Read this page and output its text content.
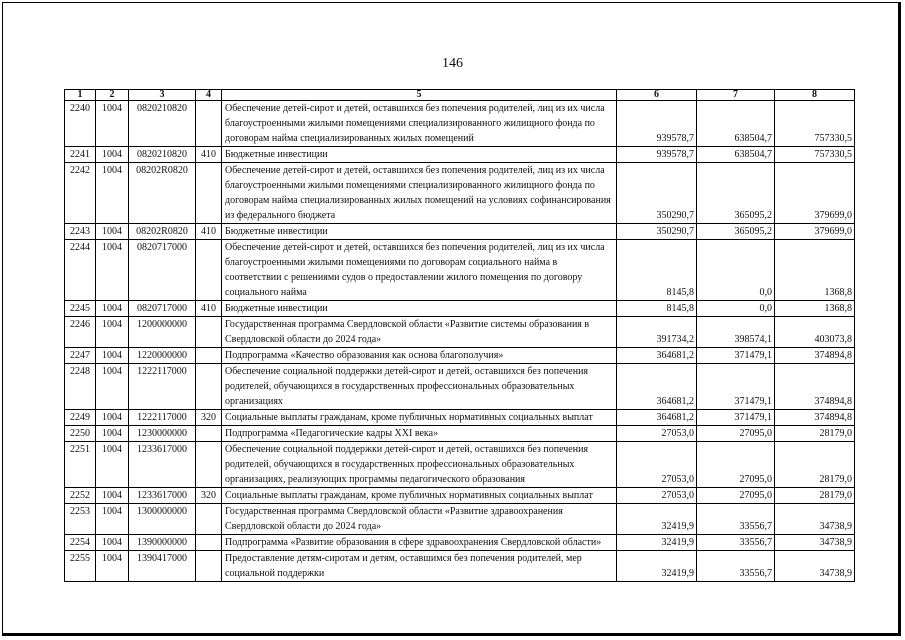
146
1	2	3	4	5	6	7	8
2240	1004	0820210820		Обеспечение детей-сирот и детей, оставшихся без попечения родителей, лиц из их числа благоустроенными жилыми помещениями специализированного жилищного фонда по договорам найма специализированных жилых помещений	939578,7	638504,7	757330,5
2241	1004	0820210820	410	Бюджетные инвестиции	939578,7	638504,7	757330,5
2242	1004	08202R0820		Обеспечение детей-сирот и детей, оставшихся без попечения родителей, лиц из их числа благоустроенными жилыми помещениями специализированного жилищного фонда по договорам найма специализированных жилых помещений на условиях софинансирования из федерального бюджета	350290,7	365095,2	379699,0
2243	1004	08202R0820	410	Бюджетные инвестиции	350290,7	365095,2	379699,0
2244	1004	0820717000		Обеспечение детей-сирот и детей, оставшихся без попечения родителей, лиц из их числа благоустроенными жилыми помещениями по договорам социального найма в соответствии с решениями судов о предоставлении жилого помещения по договору социального найма	8145,8	0,0	1368,8
2245	1004	0820717000	410	Бюджетные инвестиции	8145,8	0,0	1368,8
2246	1004	1200000000		Государственная программа Свердловской области «Развитие системы образования в Свердловской области до 2024 года»	391734,2	398574,1	403073,8
2247	1004	1220000000		Подпрограмма «Качество образования как основа благополучия»	364681,2	371479,1	374894,8
2248	1004	1222117000		Обеспечение социальной поддержки детей-сирот и детей, оставшихся без попечения родителей, обучающихся в государственных профессиональных образовательных организациях	364681,2	371479,1	374894,8
2249	1004	1222117000	320	Социальные выплаты гражданам, кроме публичных нормативных социальных выплат	364681,2	371479,1	374894,8
2250	1004	1230000000		Подпрограмма «Педагогические кадры XXI века»	27053,0	27095,0	28179,0
2251	1004	1233617000		Обеспечение социальной поддержки детей-сирот и детей, оставшихся без попечения родителей, обучающихся в государственных профессиональных образовательных организациях, реализующих программы педагогического образования	27053,0	27095,0	28179,0
2252	1004	1233617000	320	Социальные выплаты гражданам, кроме публичных нормативных социальных выплат	27053,0	27095,0	28179,0
2253	1004	1300000000		Государственная программа Свердловской области «Развитие здравоохранения Свердловской области до 2024 года»	32419,9	33556,7	34738,9
2254	1004	1390000000		Подпрограмма «Развитие образования в сфере здравоохранения Свердловской области»	32419,9	33556,7	34738,9
2255	1004	1390417000		Предоставление детям-сиротам и детям, оставшимся без попечения родителей, мер социальной поддержки	32419,9	33556,7	34738,9
